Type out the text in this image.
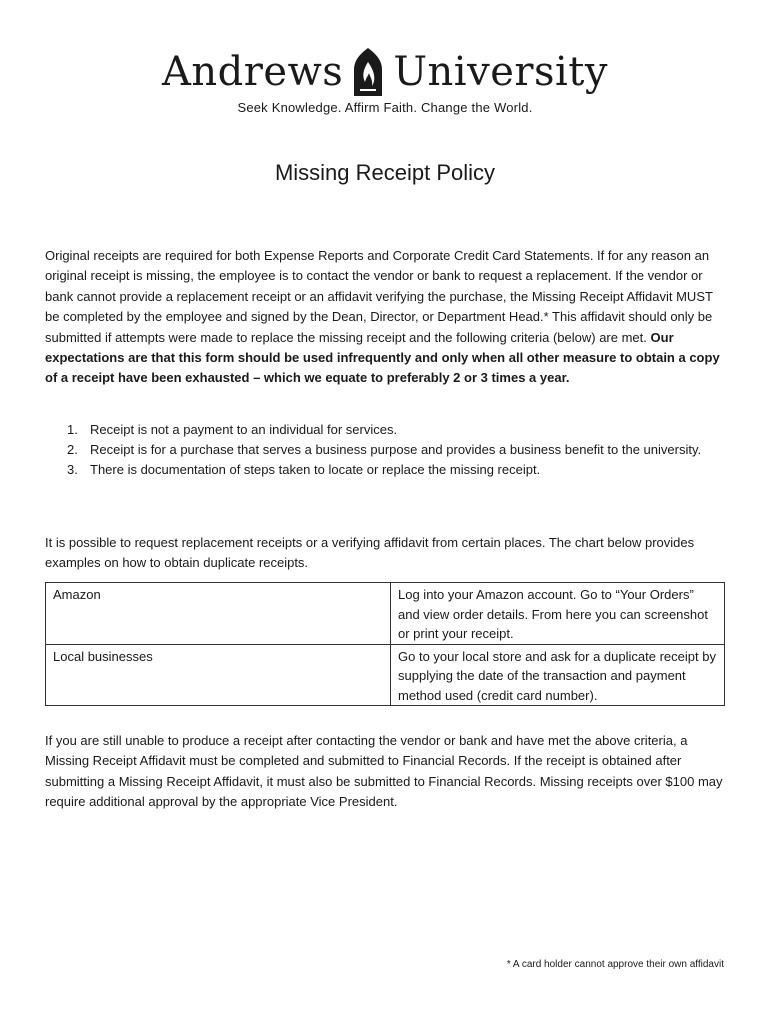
Andrews University
Seek Knowledge. Affirm Faith. Change the World.
Missing Receipt Policy
Original receipts are required for both Expense Reports and Corporate Credit Card Statements. If for any reason an original receipt is missing, the employee is to contact the vendor or bank to request a replacement. If the vendor or bank cannot provide a replacement receipt or an affidavit verifying the purchase, the Missing Receipt Affidavit MUST be completed by the employee and signed by the Dean, Director, or Department Head.* This affidavit should only be submitted if attempts were made to replace the missing receipt and the following criteria (below) are met. Our expectations are that this form should be used infrequently and only when all other measure to obtain a copy of a receipt have been exhausted – which we equate to preferably 2 or 3 times a year.
1. Receipt is not a payment to an individual for services.
2. Receipt is for a purchase that serves a business purpose and provides a business benefit to the university.
3. There is documentation of steps taken to locate or replace the missing receipt.
It is possible to request replacement receipts or a verifying affidavit from certain places. The chart below provides examples on how to obtain duplicate receipts.
Amazon	Log into your Amazon account. Go to “Your Orders” and view order details. From here you can screenshot or print your receipt.
Local businesses	Go to your local store and ask for a duplicate receipt by supplying the date of the transaction and payment method used (credit card number).
If you are still unable to produce a receipt after contacting the vendor or bank and have met the above criteria, a Missing Receipt Affidavit must be completed and submitted to Financial Records. If the receipt is obtained after submitting a Missing Receipt Affidavit, it must also be submitted to Financial Records. Missing receipts over $100 may require additional approval by the appropriate Vice President.
* A card holder cannot approve their own affidavit
